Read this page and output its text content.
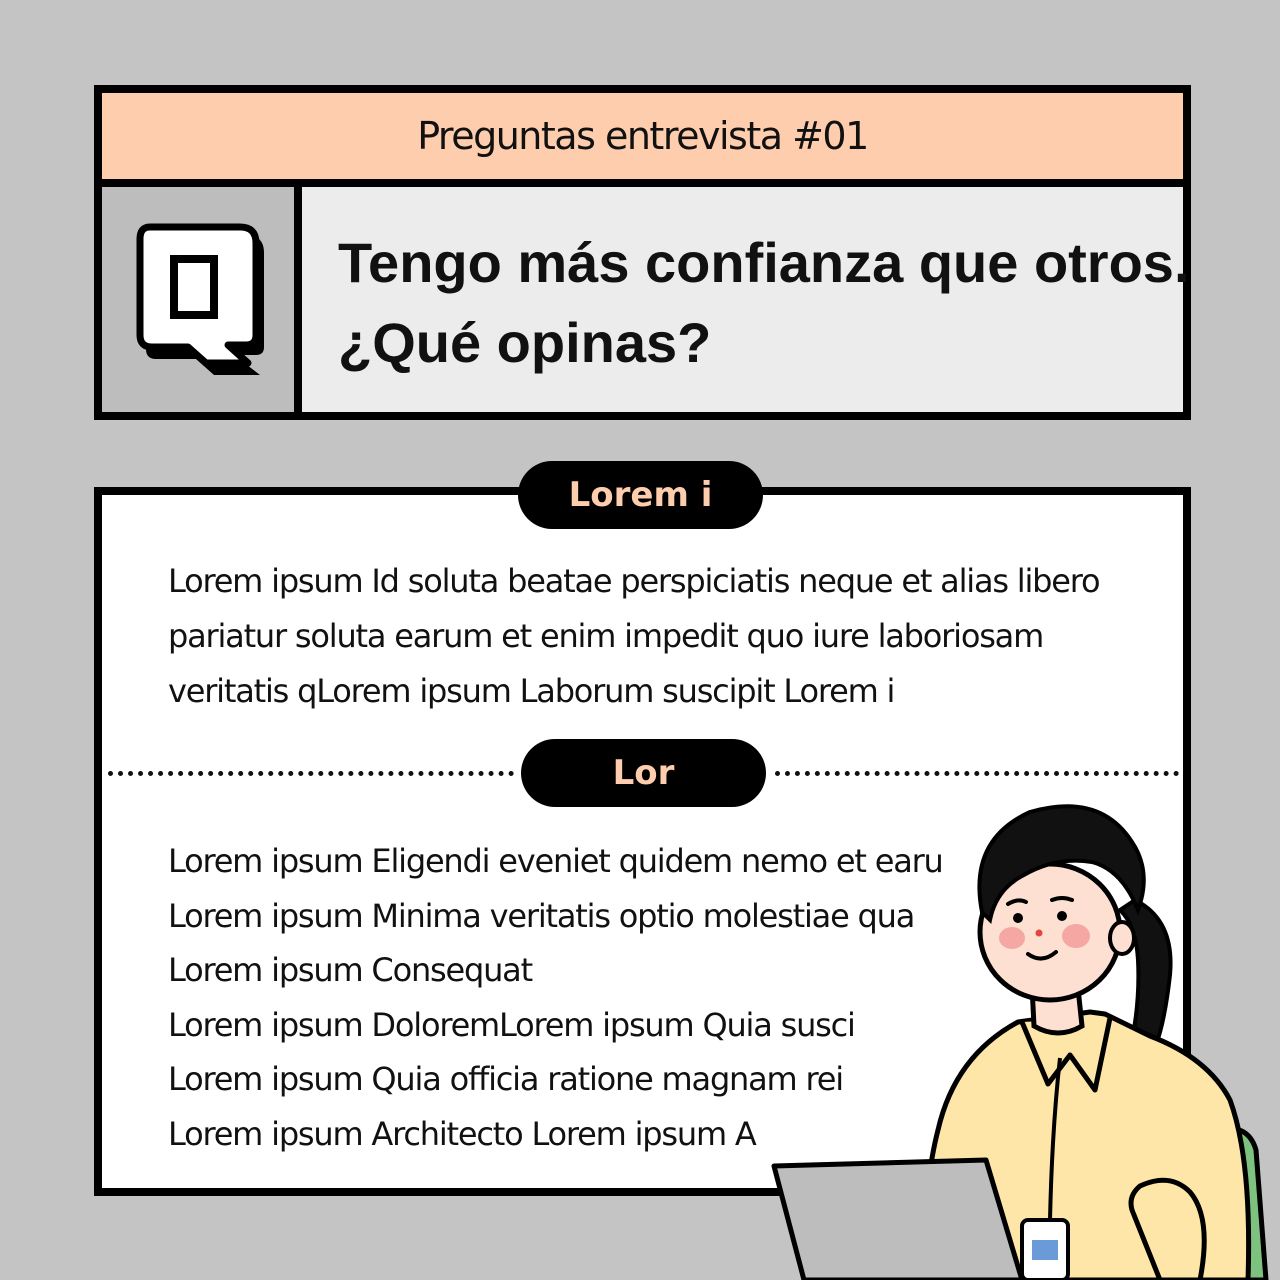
Preguntas entrevista #01

Tengo más confianza que otros.
¿Qué opinas?

Lorem i

Lorem ipsum Id soluta beatae perspiciatis neque et alias libero pariatur soluta earum et enim impedit quo iure laboriosam veritatis qLorem ipsum Laborum suscipit Lorem i

Lor
Lorem ipsum Eligendi eveniet quidem nemo et earu
Lorem ipsum Minima veritatis optio molestiae qua
Lorem ipsum Consequat
Lorem ipsum DoloremLorem ipsum Quia susci
Lorem ipsum Quia officia ratione magnam rei
Lorem ipsum Architecto Lorem ipsum A
